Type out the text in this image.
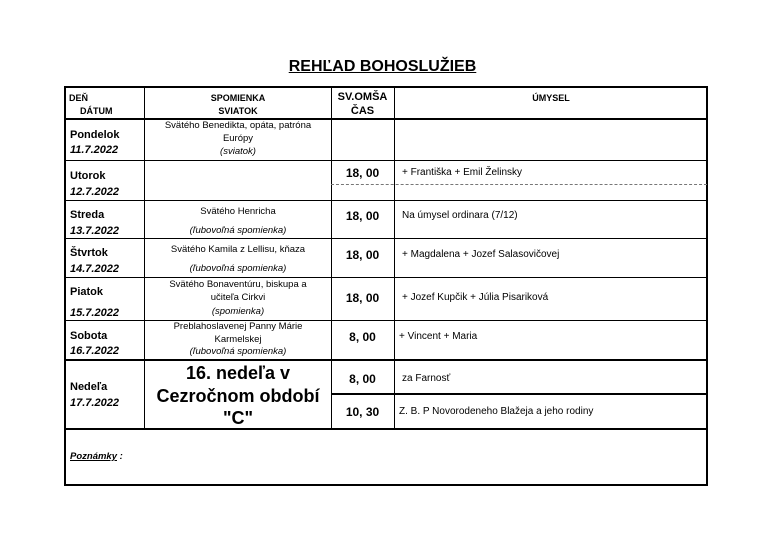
REHĽAD BOHOSLUŽIEB
DEŇ
DÁTUM
SPOMIENKA
SVIATOK
SV.OMŠA
ČAS
ÚMYSEL
Pondelok
11.7.2022
Svätého Benedikta, opáta, patróna
Európy
(sviatok)
Utorok
12.7.2022
18, 00	+ Františka + Emil Želinsky
Streda
13.7.2022
Svätého Henricha
(ľubovoľná spomienka)
18, 00	Na úmysel ordinara (7/12)
Štvrtok
14.7.2022
Svätého Kamila z Lellisu, kňaza
(ľubovoľná spomienka)
18, 00	+ Magdalena + Jozef Salasovičovej
Piatok
15.7.2022
Svätého Bonaventúru, biskupa a
učiteľa Cirkvi
(spomienka)
18, 00	+ Jozef Kupčik + Júlia Pisariková
Sobota
16.7.2022
Preblahoslavenej Panny Márie
Karmelskej
(ľubovoľná spomienka)
8, 00	+ Vincent + Maria
Nedeľa
17.7.2022
16. nedeľa v
Cezročnom období
"C"
8, 00	za Farnosť
10, 30	Z. B. P Novorodeneho Blažeja a jeho rodiny
Poznámky :
